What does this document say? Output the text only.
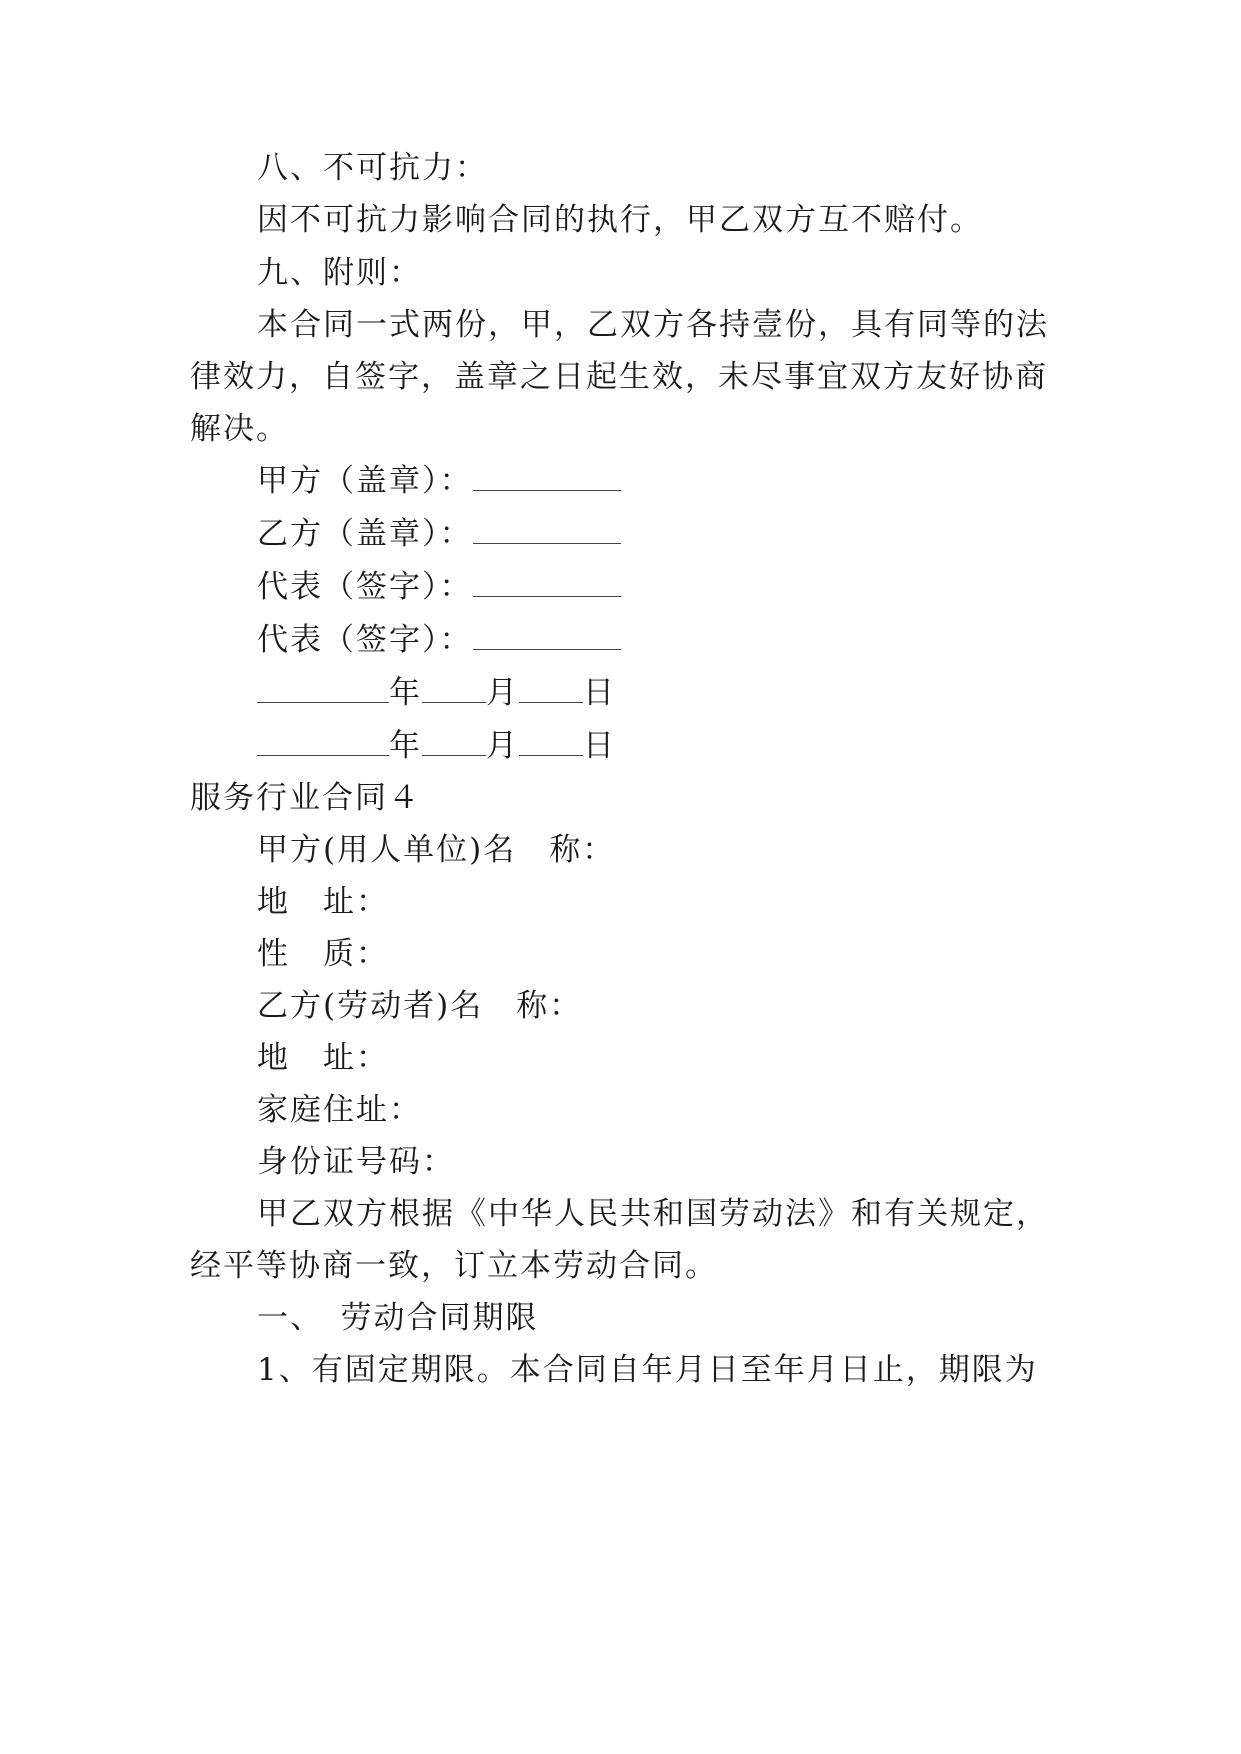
八、不可抗力：
因不可抗力影响合同的执行，甲乙双方互不赔付。
九、附则：
本合同一式两份，甲，乙双方各持壹份，具有同等的法
律效力，自签字，盖章之日起生效，未尽事宜双方友好协商
解决。
甲方（盖章）：
乙方（盖章）：
代表（签字）：
代表（签字）：
年 月 日
年 月 日
服务行业合同４
甲方(用人单位)名　称：
地　址：
性　质：
乙方(劳动者)名　称：
地　址：
家庭住址：
身份证号码：
甲乙双方根据《中华人民共和国劳动法》和有关规定，
经平等协商一致，订立本劳动合同。
一、　劳动合同期限
1、有固定期限。本合同自年月日至年月日止，期限为
